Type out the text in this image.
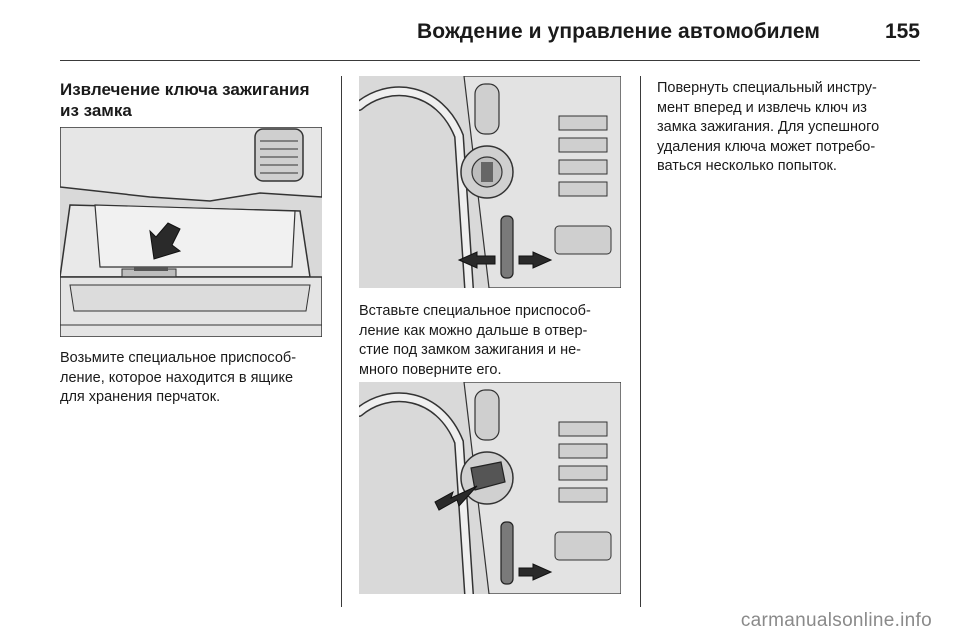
Вождение и управление автомобилем	155
Извлечение ключа зажигания из замка
Возьмите специальное приспособ-
ление, которое находится в ящике
для хранения перчаток.
Вставьте специальное приспособ-
ление как можно дальше в отвер-
стие под замком зажигания и не-
много поверните его.
Повернуть специальный инстру-
мент вперед и извлечь ключ из
замка зажигания. Для успешного
удаления ключа может потребо-
ваться несколько попыток.
carmanualsonline.info
